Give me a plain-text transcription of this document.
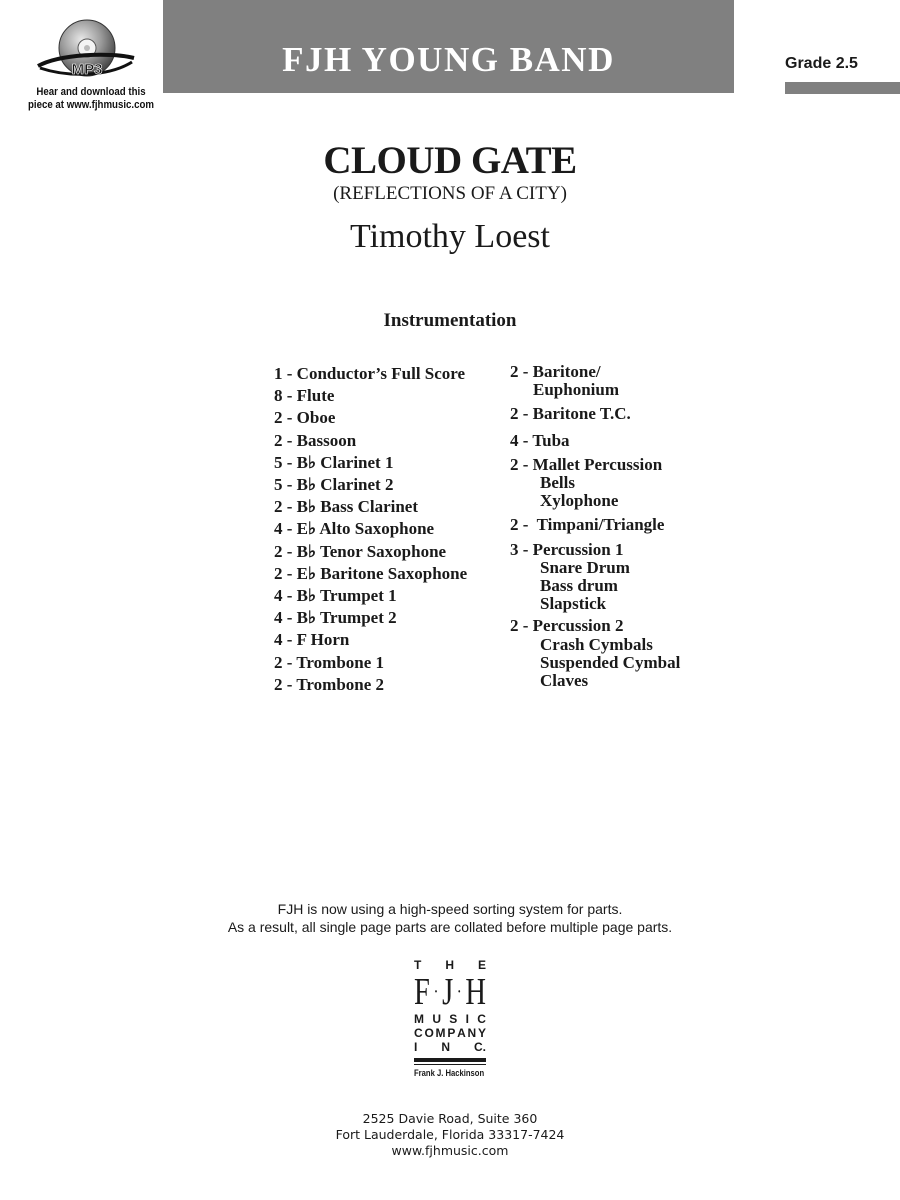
MP3
Hear and download this
piece at www.fjhmusic.com
FJH YOUNG BAND	Grade 2.5
CLOUD GATE
(REFLECTIONS OF A CITY)
Timothy Loest
Instrumentation
1 - Conductor’s Full Score
8 - Flute
2 - Oboe
2 - Bassoon
5 - B♭ Clarinet 1
5 - B♭ Clarinet 2
2 - B♭ Bass Clarinet
4 - E♭ Alto Saxophone
2 - B♭ Tenor Saxophone
2 - E♭ Baritone Saxophone
4 - B♭ Trumpet 1
4 - B♭ Trumpet 2
4 - F Horn
2 - Trombone 1
2 - Trombone 2
2 - Baritone/
Euphonium
2 - Baritone T.C.
4 - Tuba
2 - Mallet Percussion
Bells
Xylophone
2 -  Timpani/Triangle
3 - Percussion 1
Snare Drum
Bass drum
Slapstick
2 - Percussion 2
Crash Cymbals
Suspended Cymbal
Claves
FJH is now using a high-speed sorting system for parts.
As a result, all single page parts are collated before multiple page parts.
T H E
F · J · H
M U S I C
C O M P A N Y
I N C.
Frank J. Hackinson
2525 Davie Road, Suite 360
Fort Lauderdale, Florida 33317-7424
www.fjhmusic.com
